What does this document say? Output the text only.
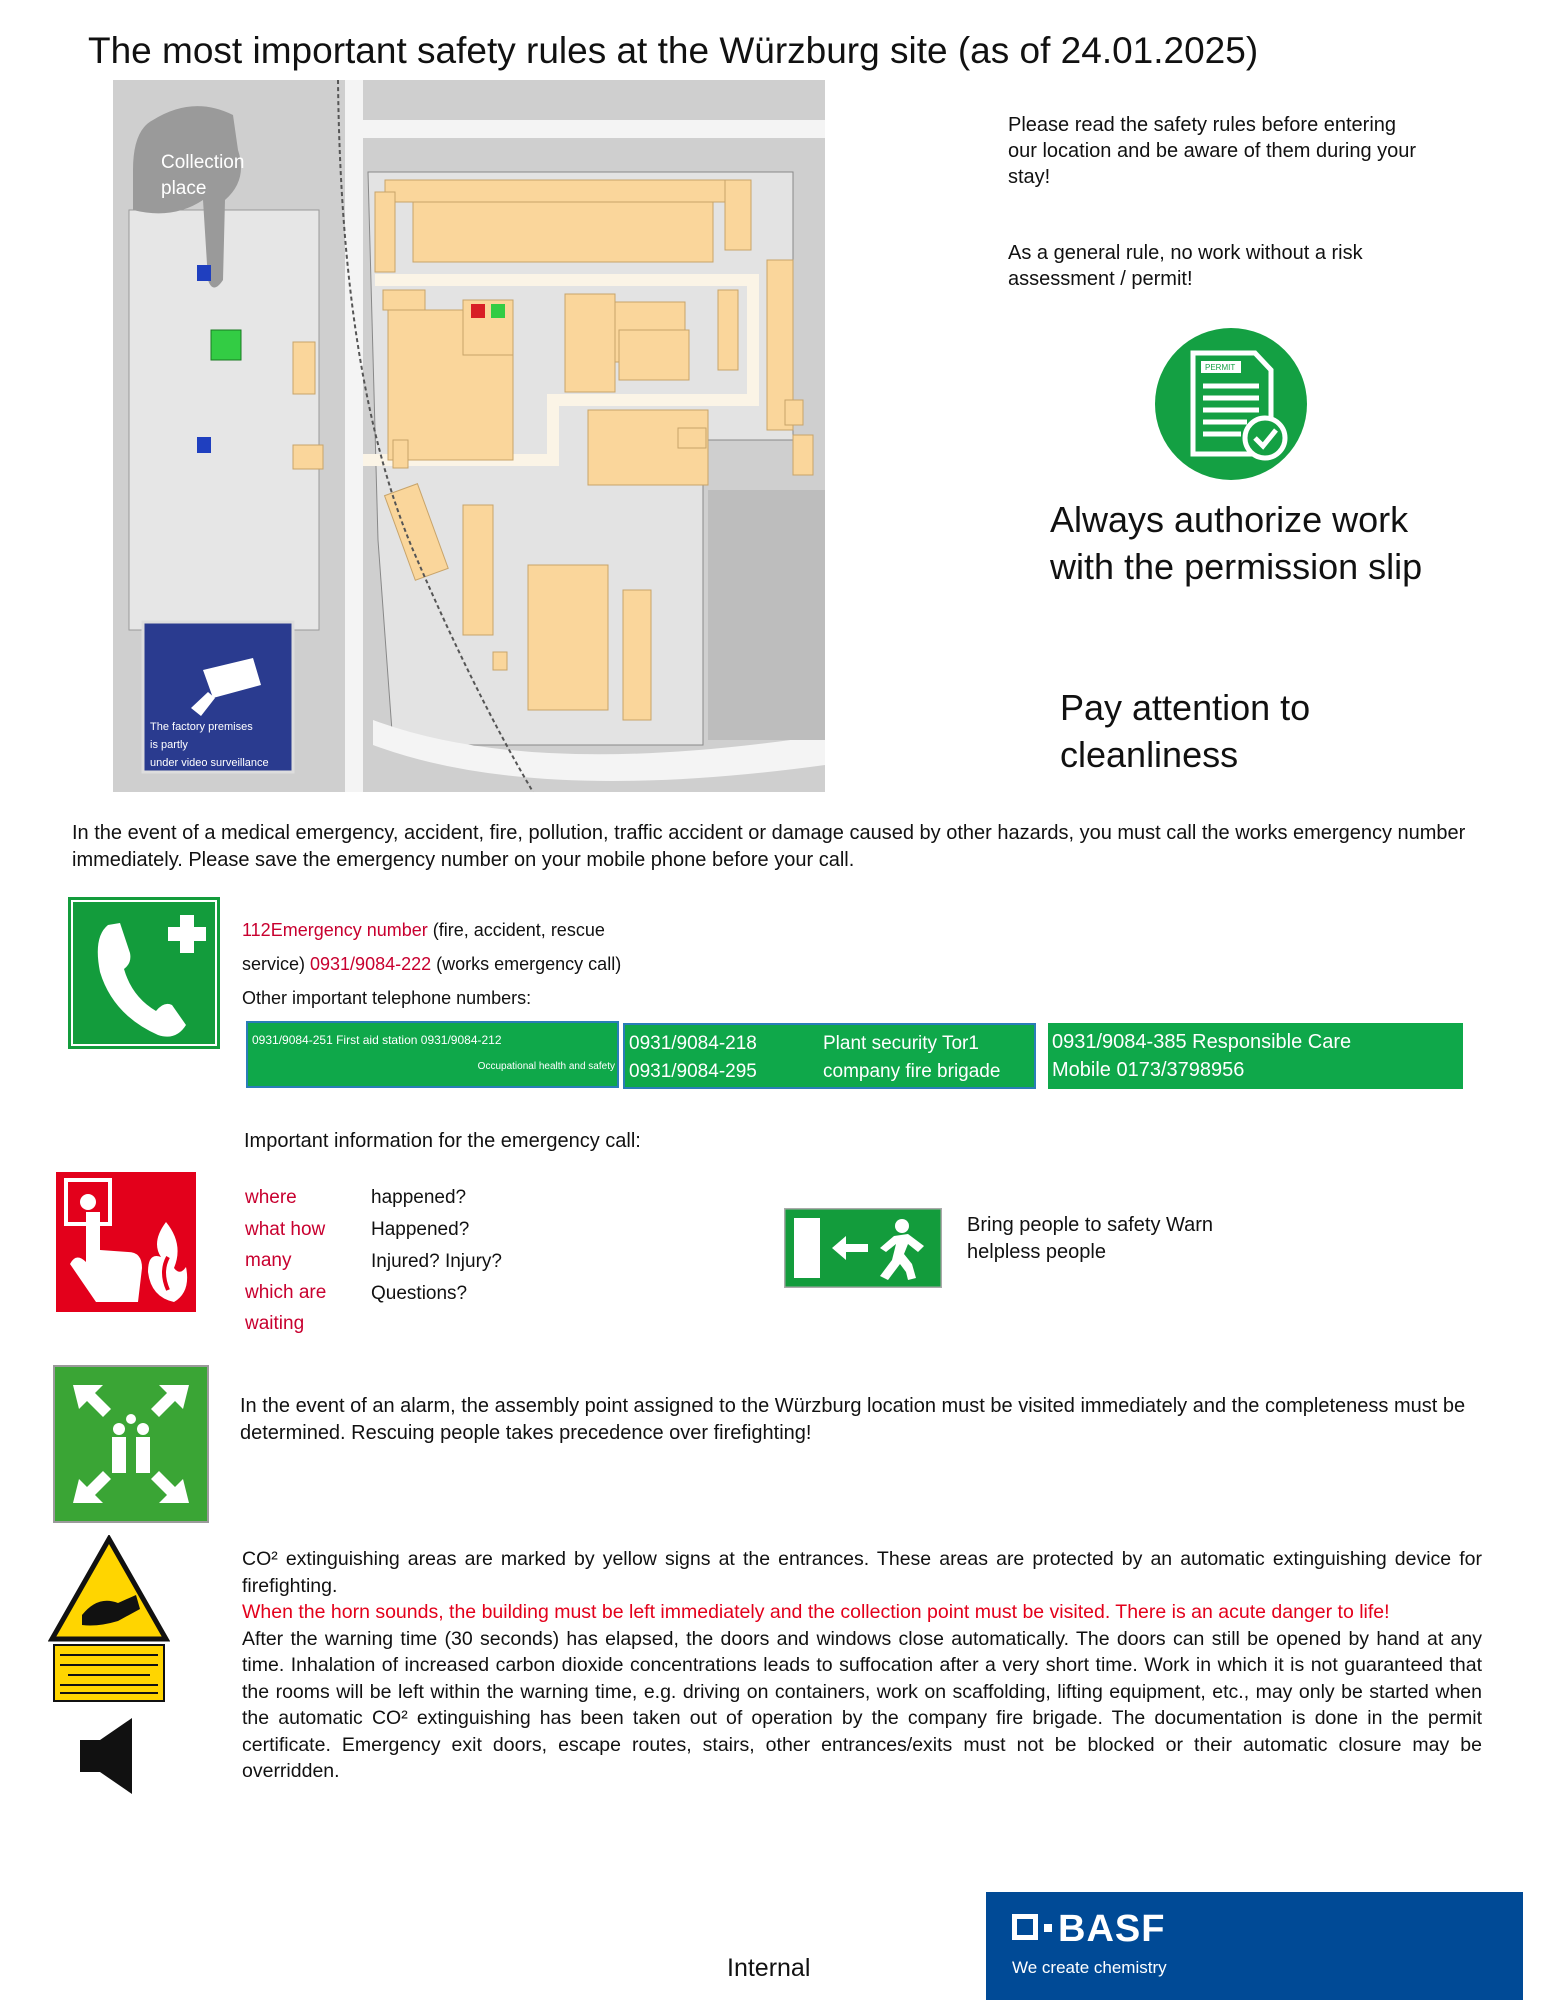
The most important safety rules at the Würzburg site (as of 24.01.2025)
Collection
place
The factory premises
is partly
under video surveillance
Please read the safety rules before entering our location and be aware of them during your stay!
As a general rule, no work without a risk assessment / permit!
PERMIT
Always authorize work with the permission slip
Pay attention to cleanliness
In the event of a medical emergency, accident, fire, pollution, traffic accident or damage caused by other hazards, you must call the works emergency number immediately. Please save the emergency number on your mobile phone before your call.
112Emergency number (fire, accident, rescue service) 0931/9084-222 (works emergency call) Other important telephone numbers:
0931/9084-251 First aid station 0931/9084-212
Occupational health and safety
0931/9084-218
0931/9084-295
Plant security Tor1
company fire brigade
0931/9084-385 Responsible Care
Mobile 0173/3798956
Important information for the emergency call:
where
what how
many
which are
waiting
happened?
Happened?
Injured? Injury?
Questions?
Bring people to safety Warn helpless people
In the event of an alarm, the assembly point assigned to the Würzburg location must be visited immediately and the completeness must be determined. Rescuing people takes precedence over firefighting!

CO² extinguishing areas are marked by yellow signs at the entrances. These areas are protected by an automatic extinguishing device for firefighting.

When the horn sounds, the building must be left immediately and the collection point must be visited. There is an acute danger to life!

After the warning time (30 seconds) has elapsed, the doors and windows close automatically. The doors can still be opened by hand at any time. Inhalation of increased carbon dioxide concentrations leads to suffocation after a very short time. Work in which it is not guaranteed that the rooms will be left within the warning time, e.g. driving on containers, work on scaffolding, lifting equipment, etc., may only be started when the automatic CO² extinguishing has been taken out of operation by the company fire brigade. The documentation is done in the permit certificate. Emergency exit doors, escape routes, stairs, other entrances/exits must not be blocked or their automatic closure may be overridden.

Internal
BASF
We create chemistry
